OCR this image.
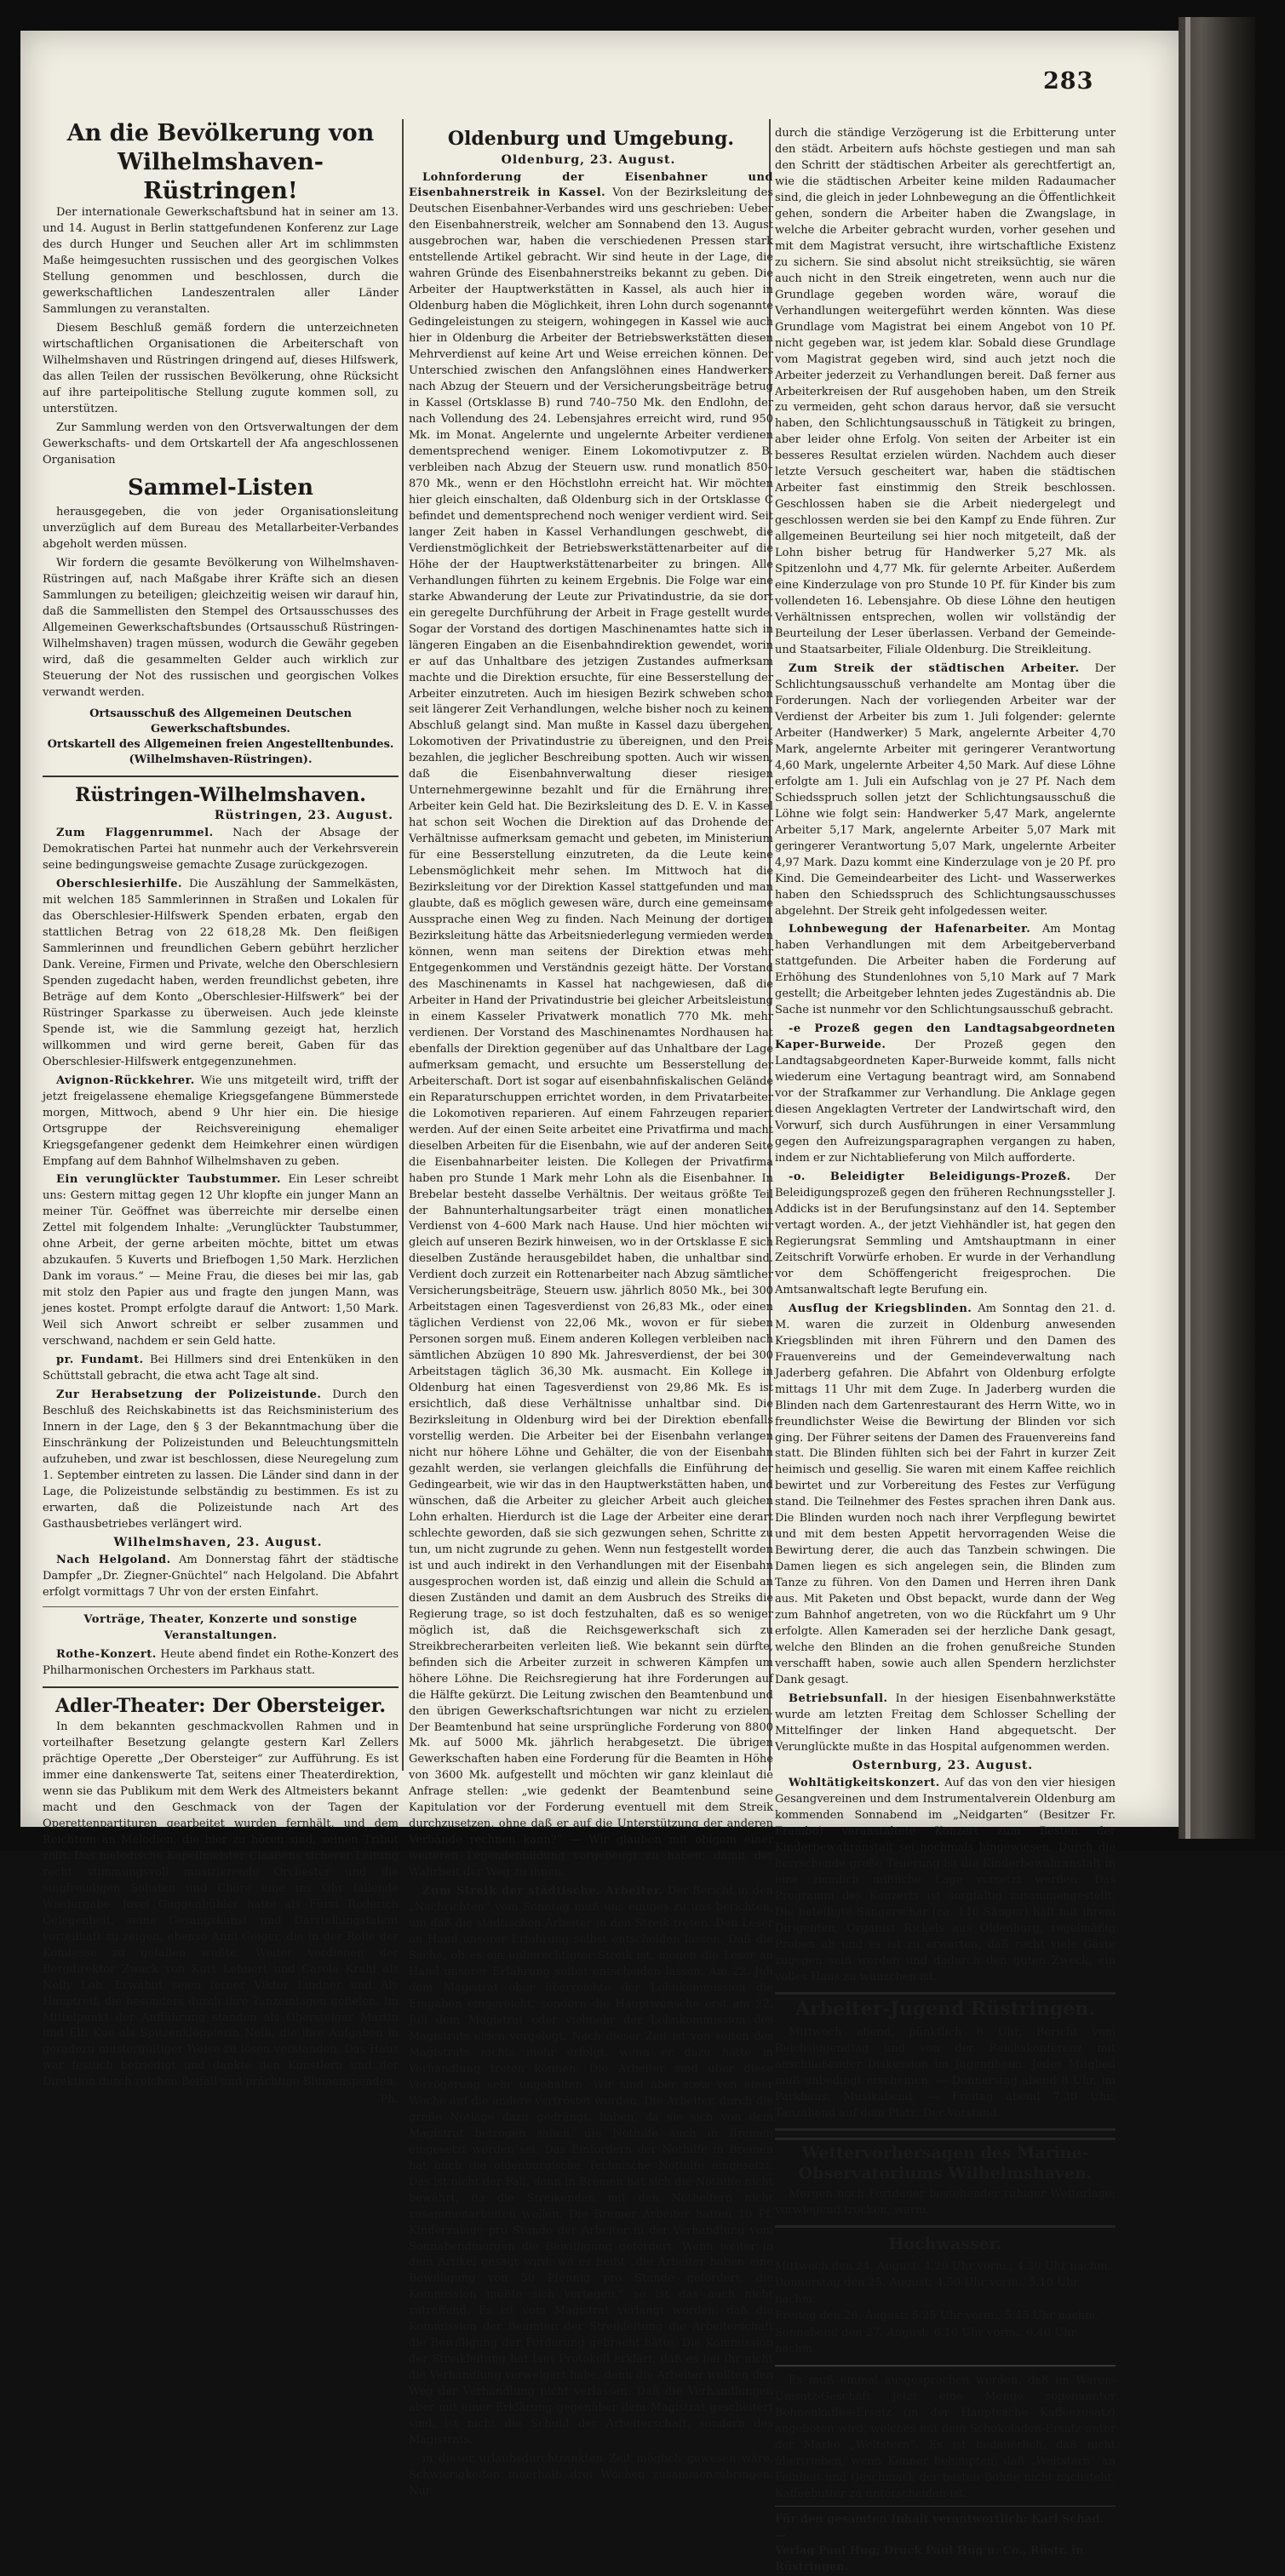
283
An die Bevölkerung von
Wilhelmshaven-Rüstringen!

Der internationale Gewerkschaftsbund hat in seiner am 13. und 14. August in Berlin stattgefundenen Konferenz zur Lage des durch Hunger und Seuchen aller Art im schlimmsten Maße heimgesuchten russischen und des georgischen Volkes Stellung genommen und beschlossen, durch die gewerkschaftlichen Landeszentralen aller Länder Sammlungen zu veranstalten.

Diesem Beschluß gemäß fordern die unterzeichneten wirtschaftlichen Organisationen die Arbeiterschaft von Wilhelmshaven und Rüstringen dringend auf, dieses Hilfswerk, das allen Teilen der russischen Bevölkerung, ohne Rücksicht auf ihre parteipolitische Stellung zugute kommen soll, zu unterstützen.

Zur Sammlung werden von den Ortsverwaltungen der dem Gewerkschafts- und dem Ortskartell der Afa angeschlossenen Organisation

Sammel-Listen

herausgegeben, die von jeder Organisationsleitung unverzüglich auf dem Bureau des Metallarbeiter-Verbandes abgeholt werden müssen.

Wir fordern die gesamte Bevölkerung von Wilhelmshaven-Rüstringen auf, nach Maßgabe ihrer Kräfte sich an diesen Sammlungen zu beteiligen; gleichzeitig weisen wir darauf hin, daß die Sammellisten den Stempel des Ortsausschusses des Allgemeinen Gewerkschaftsbundes (Ortsausschuß Rüstringen-Wilhelmshaven) tragen müssen, wodurch die Gewähr gegeben wird, daß die gesammelten Gelder auch wirklich zur Steuerung der Not des russischen und georgischen Volkes verwandt werden.

Ortsausschuß des Allgemeinen Deutschen Gewerkschaftsbundes.
Ortskartell des Allgemeinen freien Angestelltenbundes.
(Wilhelmshaven-Rüstringen).
Rüstringen-Wilhelmshaven.
Rüstringen, 23. August.

Zum Flaggenrummel. Nach der Absage der Demokratischen Partei hat nunmehr auch der Verkehrsverein seine bedingungsweise gemachte Zusage zurückgezogen.

Oberschlesierhilfe. Die Auszählung der Sammelkästen, mit welchen 185 Sammlerinnen in Straßen und Lokalen für das Oberschlesier-Hilfswerk Spenden erbaten, ergab den stattlichen Betrag von 22 618,28 Mk. Den fleißigen Sammlerinnen und freundlichen Gebern gebührt herzlicher Dank. Vereine, Firmen und Private, welche den Oberschlesiern Spenden zugedacht haben, werden freundlichst gebeten, ihre Beträge auf dem Konto „Oberschlesier-Hilfswerk“ bei der Rüstringer Sparkasse zu überweisen. Auch jede kleinste Spende ist, wie die Sammlung gezeigt hat, herzlich willkommen und wird gerne bereit, Gaben für das Oberschlesier-Hilfswerk entgegenzunehmen.

Avignon-Rückkehrer. Wie uns mitgeteilt wird, trifft der jetzt freigelassene ehemalige Kriegsgefangene Bümmerstede morgen, Mittwoch, abend 9 Uhr hier ein. Die hiesige Ortsgruppe der Reichsvereinigung ehemaliger Kriegsgefangener gedenkt dem Heimkehrer einen würdigen Empfang auf dem Bahnhof Wilhelmshaven zu geben.

Ein verunglückter Taubstummer. Ein Leser schreibt uns: Gestern mittag gegen 12 Uhr klopfte ein junger Mann an meiner Tür. Geöffnet was überreichte mir derselbe einen Zettel mit folgendem Inhalte: „Verunglückter Taubstummer, ohne Arbeit, der gerne arbeiten möchte, bittet um etwas abzukaufen. 5 Kuverts und Briefbogen 1,50 Mark. Herzlichen Dank im voraus.“ — Meine Frau, die dieses bei mir las, gab mit stolz den Papier aus und fragte den jungen Mann, was jenes kostet. Prompt erfolgte darauf die Antwort: 1,50 Mark. Weil sich Anwort schreibt er selber zusammen und verschwand, nachdem er sein Geld hatte.

pr. Fundamt. Bei Hillmers sind drei Entenküken in den Schüttstall gebracht, die etwa acht Tage alt sind.

Zur Herabsetzung der Polizeistunde. Durch den Beschluß des Reichskabinetts ist das Reichsministerium des Innern in der Lage, den § 3 der Bekanntmachung über die Einschränkung der Polizeistunden und Beleuchtungsmitteln aufzuheben, und zwar ist beschlossen, diese Neuregelung zum 1. September eintreten zu lassen. Die Länder sind dann in der Lage, die Polizeistunde selbständig zu bestimmen. Es ist zu erwarten, daß die Polizeistunde nach Art des Gasthausbetriebes verlängert wird.

Wilhelmshaven, 23. August.

Nach Helgoland. Am Donnerstag fährt der städtische Dampfer „Dr. Ziegner-Gnüchtel“ nach Helgoland. Die Abfahrt erfolgt vormittags 7 Uhr von der ersten Einfahrt.

Vorträge, Theater, Konzerte und sonstige Veranstaltungen.

Rothe-Konzert. Heute abend findet ein Rothe-Konzert des Philharmonischen Orchesters im Parkhaus statt.

Adler-Theater: Der Obersteiger.

In dem bekannten geschmackvollen Rahmen und in vorteilhafter Besetzung gelangte gestern Karl Zellers prächtige Operette „Der Obersteiger“ zur Aufführung. Es ist immer eine dankenswerte Tat, seitens einer Theaterdirektion, wenn sie das Publikum mit dem Werk des Altmeisters bekannt macht und den Geschmack von der Tagen der Operettenpartituren gearbeitet wurden fernhält, und dem Reichtum an Melodien, die hier zu hören sind, seinen Tribut zollt. Das melodische Kapellmeister Claaßens sicherer Leitung recht stimmungsvoll musizierende Orchester und die singfreudigen Solisten und Chöre eine ins Ohr fallende Wiedergabe. Josef Guggenbühler hatte als Fürst Roderich Gelegenheit, seine Gesangskunst und Darstellungstalent vorteilhaft zu zeigen, ebenso Anni Geiger, die in der Rolle der Komtesse zu gefallen wußte. Weiter verdienen der Bergdirektor Zwack von Kurt Lehnert und Carola Krahl als Nelly Lob. Erwähnt seien ferner Viktor Lindner und Aly Hauptreif, die besonders durch ihre Tanzeinlagen gefielen. Im Mittelpunkt der Aufführung standen als Obersteiger Martin und Elfi Kue als Spitzenklöpplerin Nelli, die ihre Aufgaben in geradezu mustergültiger Weise zu lösen verstanden. Das Haus war festlich befriedigt und dankte den Künstlern und der Direktion durch reichen Beifall und prächtige Blumenspenden.

Ph.
Oldenburg und Umgebung.
Oldenburg, 23. August.

Lohnforderung der Eisenbahner und Eisenbahnerstreik in Kassel. Von der Bezirksleitung des Deutschen Eisenbahner-Verbandes wird uns geschrieben: Ueber den Eisenbahnerstreik, welcher am Sonnabend den 13. August ausgebrochen war, haben die verschiedenen Pressen stark entstellende Artikel gebracht. Wir sind heute in der Lage, die wahren Gründe des Eisenbahnerstreiks bekannt zu geben. Die Arbeiter der Hauptwerkstätten in Kassel, als auch hier in Oldenburg haben die Möglichkeit, ihren Lohn durch sogenannte Gedingeleistungen zu steigern, wohingegen in Kassel wie auch hier in Oldenburg die Arbeiter der Betriebswerkstätten diesen Mehrverdienst auf keine Art und Weise erreichen können. Der Unterschied zwischen den Anfangslöhnen eines Handwerkers nach Abzug der Steuern und der Versicherungsbeiträge betrug in Kassel (Ortsklasse B) rund 740–750 Mk. den Endlohn, der nach Vollendung des 24. Lebensjahres erreicht wird, rund 950 Mk. im Monat. Angelernte und ungelernte Arbeiter verdienen dementsprechend weniger. Einem Lokomotivputzer z. B. verbleiben nach Abzug der Steuern usw. rund monatlich 850–870 Mk., wenn er den Höchstlohn erreicht hat. Wir möchten hier gleich einschalten, daß Oldenburg sich in der Ortsklasse C befindet und dementsprechend noch weniger verdient wird. Seit langer Zeit haben in Kassel Verhandlungen geschwebt, die Verdienstmöglichkeit der Betriebswerkstättenarbeiter auf die Höhe der der Hauptwerkstättenarbeiter zu bringen. Alle Verhandlungen führten zu keinem Ergebnis. Die Folge war eine starke Abwanderung der Leute zur Privatindustrie, da sie dort ein geregelte Durchführung der Arbeit in Frage gestellt wurde. Sogar der Vorstand des dortigen Maschinenamtes hatte sich in längeren Eingaben an die Eisenbahndirektion gewendet, worin er auf das Unhaltbare des jetzigen Zustandes aufmerksam machte und die Direktion ersuchte, für eine Besserstellung der Arbeiter einzutreten. Auch im hiesigen Bezirk schweben schon seit längerer Zeit Verhandlungen, welche bisher noch zu keinem Abschluß gelangt sind. Man mußte in Kassel dazu übergehen, Lokomotiven der Privatindustrie zu übereignen, und den Preis bezahlen, die jeglicher Beschreibung spotten. Auch wir wissen, daß die Eisenbahnverwaltung dieser riesigen Unternehmergewinne bezahlt und für die Ernährung ihrer Arbeiter kein Geld hat. Die Bezirksleitung des D. E. V. in Kassel hat schon seit Wochen die Direktion auf das Drohende der Verhältnisse aufmerksam gemacht und gebeten, im Ministerium für eine Besserstellung einzutreten, da die Leute keine Lebensmöglichkeit mehr sehen. Im Mittwoch hat die Bezirksleitung vor der Direktion Kassel stattgefunden und man glaubte, daß es möglich gewesen wäre, durch eine gemeinsame Aussprache einen Weg zu finden. Nach Meinung der dortigen Bezirksleitung hätte das Arbeitsniederlegung vermieden werden können, wenn man seitens der Direktion etwas mehr Entgegenkommen und Verständnis gezeigt hätte. Der Vorstand des Maschinenamts in Kassel hat nachgewiesen, daß die Arbeiter in Hand der Privatindustrie bei gleicher Arbeitsleistung in einem Kasseler Privatwerk monatlich 770 Mk. mehr verdienen. Der Vorstand des Maschinenamtes Nordhausen hat ebenfalls der Direktion gegenüber auf das Unhaltbare der Lage aufmerksam gemacht, und ersuchte um Besserstellung der Arbeiterschaft. Dort ist sogar auf eisenbahnfiskalischen Gelände ein Reparaturschuppen errichtet worden, in dem Privatarbeiter die Lokomotiven reparieren. Auf einem Fahrzeugen repariert werden. Auf der einen Seite arbeitet eine Privatfirma und macht dieselben Arbeiten für die Eisenbahn, wie auf der anderen Seite die Eisenbahnarbeiter leisten. Die Kollegen der Privatfirma haben pro Stunde 1 Mark mehr Lohn als die Eisenbahner. In Brebelar besteht dasselbe Verhältnis. Der weitaus größte Teil der Bahnunterhaltungsarbeiter trägt einen monatlichen Verdienst von 4–600 Mark nach Hause. Und hier möchten wir gleich auf unseren Bezirk hinweisen, wo in der Ortsklasse E sich dieselben Zustände herausgebildet haben, die unhaltbar sind. Verdient doch zurzeit ein Rottenarbeiter nach Abzug sämtlicher Versicherungsbeiträge, Steuern usw. jährlich 8050 Mk., bei 300 Arbeitstagen einen Tagesverdienst von 26,83 Mk., oder einen täglichen Verdienst von 22,06 Mk., wovon er für sieben Personen sorgen muß. Einem anderen Kollegen verbleiben nach sämtlichen Abzügen 10 890 Mk. Jahresverdienst, der bei 300 Arbeitstagen täglich 36,30 Mk. ausmacht. Ein Kollege in Oldenburg hat einen Tagesverdienst von 29,86 Mk. Es ist ersichtlich, daß diese Verhältnisse unhaltbar sind. Die Bezirksleitung in Oldenburg wird bei der Direktion ebenfalls vorstellig werden. Die Arbeiter bei der Eisenbahn verlangen nicht nur höhere Löhne und Gehälter, die von der Eisenbahn gezahlt werden, sie verlangen gleichfalls die Einführung der Gedingearbeit, wie wir das in den Hauptwerkstätten haben, und wünschen, daß die Arbeiter zu gleicher Arbeit auch gleichen Lohn erhalten. Hierdurch ist die Lage der Arbeiter eine derart schlechte geworden, daß sie sich gezwungen sehen, Schritte zu tun, um nicht zugrunde zu gehen. Wenn nun festgestellt worden ist und auch indirekt in den Verhandlungen mit der Eisenbahn ausgesprochen worden ist, daß einzig und allein die Schuld an diesen Zuständen und damit an dem Ausbruch des Streiks die Regierung trage, so ist doch festzuhalten, daß es so weniger möglich ist, daß die Reichsgewerkschaft sich zu Streikbrecherarbeiten verleiten ließ. Wie bekannt sein dürfte, befinden sich die Arbeiter zurzeit in schweren Kämpfen um höhere Löhne. Die Reichsregierung hat ihre Forderungen auf die Hälfte gekürzt. Die Leitung zwischen den Beamtenbund und den übrigen Gewerkschaftsrichtungen war nicht zu erzielen. Der Beamtenbund hat seine ursprüngliche Forderung von 8800 Mk. auf 5000 Mk. jährlich herabgesetzt. Die übrigen Gewerkschaften haben eine Forderung für die Beamten in Höhe von 3600 Mk. aufgestellt und möchten wir ganz kleinlaut die Anfrage stellen: „wie gedenkt der Beamtenbund seine Kapitulation vor der Forderung eventuell mit dem Streik durchzusetzen, ohne daß er auf die Unterstützung der anderen Verbände rechnen kann?“ — Wir glauben mit obigem einer weiteren Legendenbildung vorgebeugt zu haben, damit der Wahrheit der Weg zu ihnen.

Zum Streik der städtische. Arbeiter. Der Bericht in den „Nachrichten“ vom Sonntag muß uns einiges zu uns berichten, um daß die städtischen Arbeiter in den Streik treten. Den Leser an Hand unserer Erfahrung selbst entscheiden lassen. Daß die Sache, ob es ein unberechtigter Streik ist, mögen die Leser an Hand unserer Erfahrung selbst entscheiden lassen. Am 22. Juli dem Magistrat ober überreichte der Lohnkommission die Eingaben eingereicht, sondern die Hauptwünsche erst am 22. Juli dem Magistrat oder vielmehr der Lohnkommission des Magistrats einen vorgelegt. Nach dieser Zeit ist von seiten des Magistrats nichts mehr erfolgt, wenn er dazu hätte in Verhandlung treten können. Die Arbeiter sind über diese Verzögerung sehr ungehalten. Wir sind aber stets von einer Woche auf die andere vertröstet worden. Die Arbeiter, durch die große Notlage dazu gedrängt, haben, da sie sich von dem Magistrat betrogen sahen, die Nothilfe auch in Bremen eingesetzt worden sei. Das Einfordern der Nothilfe in Bremen hat auch die oldenburgische Technische Nothilfe eingesetzt. Das ist nicht der Fall, denn in Bremen hat sich die Nothilfe nicht bewährt, da die Streikenden mit den Nothelfern nicht zusammenarbeiten wollen. Die Bremer Arbeiter hatten 10 Pf. Kinderzulage pro Stunde der Arbeiter in der Verhandlung vom Sonnabendmorgen die Bewilligung gefordert. Wenn weiter in dem Artikel gesagt wird, wo es heißt „die Arbeiter haben eine Bewilligung von 50 Pfennig pro Stunde gefordert, die Kommission müßte sich vertagen,“ so ist das auch nicht zutreffend. Es ist vom Magistrat verlangt worden, daß die Kommission der Beamten der Streikleitung die Arbeiterschaft die Bewilligung der Forderung gebracht hätte. Die Kommission der Streikleitung hat laut Protokoll erklärt, daß es bei ihr nicht die Verhandlung verweigert habe, denn die Arbeiter wollten den Weg der Verhandlung nicht verlassen. Daß die Verhandlungen aber mit einer Erklärung gegenüber dem Magistrat gescheitert sind, ist nicht die Schuld der Arbeiterschaft, sondern des Magistrats.

in dieser urlaubsdurchtränkten Zeit möglich gewesen wäre, Schwierigkeiten innerhalb drei Wochen zusammenzubringen. Nur

durch die ständige Verzögerung ist die Erbitterung unter den städt. Arbeitern aufs höchste gestiegen und man sah den Schritt der städtischen Arbeiter als gerechtfertigt an, wie die städtischen Arbeiter keine milden Radaumacher sind, die gleich in jeder Lohnbewegung an die Öffentlichkeit gehen, sondern die Arbeiter haben die Zwangslage, in welche die Arbeiter gebracht wurden, vorher gesehen und mit dem Magistrat versucht, ihre wirtschaftliche Existenz zu sichern. Sie sind absolut nicht streiksüchtig, sie wären auch nicht in den Streik eingetreten, wenn auch nur die Grundlage gegeben worden wäre, worauf die Verhandlungen weitergeführt werden könnten. Was diese Grundlage vom Magistrat bei einem Angebot von 10 Pf. nicht gegeben war, ist jedem klar. Sobald diese Grundlage vom Magistrat gegeben wird, sind auch jetzt noch die Arbeiter jederzeit zu Verhandlungen bereit. Daß ferner aus Arbeiterkreisen der Ruf ausgehoben haben, um den Streik zu vermeiden, geht schon daraus hervor, daß sie versucht haben, den Schlichtungsausschuß in Tätigkeit zu bringen, aber leider ohne Erfolg. Von seiten der Arbeiter ist ein besseres Resultat erzielen würden. Nachdem auch dieser letzte Versuch gescheitert war, haben die städtischen Arbeiter fast einstimmig den Streik beschlossen. Geschlossen haben sie die Arbeit niedergelegt und geschlossen werden sie bei den Kampf zu Ende führen. Zur allgemeinen Beurteilung sei hier noch mitgeteilt, daß der Lohn bisher betrug für Handwerker 5,27 Mk. als Spitzenlohn und 4,77 Mk. für gelernte Arbeiter. Außerdem eine Kinderzulage von pro Stunde 10 Pf. für Kinder bis zum vollendeten 16. Lebensjahre. Ob diese Löhne den heutigen Verhältnissen entsprechen, wollen wir vollständig der Beurteilung der Leser überlassen. Verband der Gemeinde- und Staatsarbeiter, Filiale Oldenburg. Die Streikleitung.

Zum Streik der städtischen Arbeiter. Der Schlichtungsausschuß verhandelte am Montag über die Forderungen. Nach der vorliegenden Arbeiter war der Verdienst der Arbeiter bis zum 1. Juli folgender: gelernte Arbeiter (Handwerker) 5 Mark, angelernte Arbeiter 4,70 Mark, angelernte Arbeiter mit geringerer Verantwortung 4,60 Mark, ungelernte Arbeiter 4,50 Mark. Auf diese Löhne erfolgte am 1. Juli ein Aufschlag von je 27 Pf. Nach dem Schiedsspruch sollen jetzt der Schlichtungsausschuß die Löhne wie folgt sein: Handwerker 5,47 Mark, angelernte Arbeiter 5,17 Mark, angelernte Arbeiter 5,07 Mark mit geringerer Verantwortung 5,07 Mark, ungelernte Arbeiter 4,97 Mark. Dazu kommt eine Kinderzulage von je 20 Pf. pro Kind. Die Gemeindearbeiter des Licht- und Wasserwerkes haben den Schiedsspruch des Schlichtungsausschusses abgelehnt. Der Streik geht infolgedessen weiter.

Lohnbewegung der Hafenarbeiter. Am Montag haben Verhandlungen mit dem Arbeitgeberverband stattgefunden. Die Arbeiter haben die Forderung auf Erhöhung des Stundenlohnes von 5,10 Mark auf 7 Mark gestellt; die Arbeitgeber lehnten jedes Zugeständnis ab. Die Sache ist nunmehr vor den Schlichtungsausschuß gebracht.

-e Prozeß gegen den Landtagsabgeordneten Kaper-Burweide.	Der Prozeß gegen den Landtagsabgeordneten Kaper-Burweide kommt, falls nicht wiederum eine Vertagung beantragt wird, am Sonnabend vor der Strafkammer zur Verhandlung. Die Anklage gegen diesen Angeklagten Vertreter der Landwirtschaft wird, den Vorwurf, sich durch Ausführungen in einer Versammlung gegen den Aufreizungsparagraphen vergangen zu haben, indem er zur Nichtablieferung von Milch aufforderte.

-o. Beleidigter Beleidigungs-Prozeß. Der Beleidigungsprozeß gegen den früheren Rechnungssteller J. Addicks ist in der Berufungsinstanz auf den 14. September vertagt worden. A., der jetzt Viehhändler ist, hat gegen den Regierungsrat Semmling und Amtshauptmann in einer Zeitschrift Vorwürfe erhoben. Er wurde in der Verhandlung vor dem Schöffengericht freigesprochen. Die Amtsanwaltschaft legte Berufung ein.

Ausflug der Kriegsblinden. Am Sonntag den 21. d. M. waren die zurzeit in Oldenburg anwesenden Kriegsblinden mit ihren Führern und den Damen des Frauenvereins und der Gemeindeverwaltung nach Jaderberg gefahren. Die Abfahrt von Oldenburg erfolgte mittags 11 Uhr mit dem Zuge. In Jaderberg wurden die Blinden nach dem Gartenrestaurant des Herrn Witte, wo in freundlichster Weise die Bewirtung der Blinden vor sich ging. Der Führer seitens der Damen des Frauenvereins fand statt. Die Blinden fühlten sich bei der Fahrt in kurzer Zeit heimisch und gesellig. Sie waren mit einem Kaffee reichlich bewirtet und zur Vorbereitung des Festes zur Verfügung stand. Die Teilnehmer des Festes sprachen ihren Dank aus. Die Blinden wurden noch nach ihrer Verpflegung bewirtet und mit dem besten Appetit hervorragenden Weise die Bewirtung derer, die auch das Tanzbein schwingen. Die Damen liegen es sich angelegen sein, die Blinden zum Tanze zu führen. Von den Damen und Herren ihren Dank aus. Mit Paketen und Obst bepackt, wurde dann der Weg zum Bahnhof angetreten, von wo die Rückfahrt um 9 Uhr erfolgte. Allen Kameraden sei der herzliche Dank gesagt, welche den Blinden an die frohen genußreiche Stunden verschafft haben, sowie auch allen Spendern herzlichster Dank gesagt.

Betriebsunfall. In der hiesigen Eisenbahnwerkstätte wurde am letzten Freitag dem Schlosser Schelling der Mittelfinger der linken Hand abgequetscht. Der Verunglückte mußte in das Hospital aufgenommen werden.

Osternburg, 23. August.

Wohltätigkeitskonzert. Auf das von den vier hiesigen Gesangvereinen und dem Instrumentalverein Oldenburg am kommenden Sonnabend im „Neidgarten“ (Besitzer Fr. Frambo) veranstaltete Konzert zum Besten der Kinderbewahranstalt sei nochmals hingewiesen. Durch die herrschende große Teuerung ist die Kinderbewahranstalt in eine ziemlich mißliche Lage versetzt worden. Das Programm des Konzerts ist sorgfältig zusammengestellt. Die beteiligte Sängerschar (ca. 140 Sänger) hält mit ihrem Dirigenten, Organist Rickels aus Oldenburg, regelmäßig Proben ab und es ist zu erwarten, daß recht viele Gäste zugegen sein werden und dadurch den guten Zweck, ein volles Haus zu wünschen ist.

Arbeiter-Jugend Rüstringen.

Mittwoch abend, pünktlich 8 Uhr, Bericht vom Reichsjugendtag und von der Reichskonferenz mit anschließender Diskussion im Jugendheim. Jedes Mitglied muß unbedingt erscheinen. — Donnerstag abend 8 Uhr, im Parkhaus: Musikabend. — Freitag abend 7.30 Uhr: Tanzabend auf dem Platz. Der Vorstand.

Wettervorhersagen des Marine-Observatoriums Wilhelmshaven.

Morgen noch Fortdauer bestehender ruhiger Wetterlage; vorwiegend trocken, warm.

Hochwasser.

Mittwoch den 24. August: 4.20 Uhr vorm., 4.30 Uhr nachm.

Donnerstag den 25. August: 4.50 Uhr vorm., 5.10 Uhr nachm.

Freitag den 26. August: 5.25 Uhr vorm., 5.45 Uhr nachm.

Sonnabend den 27. August: 6.10 Uhr vorm., 6.40 Uhr nachm.

Es muß einmal ausgesprochen werden, daß im Waren-Umsatz-Geschäft jetzt eine Menge sogenannter Bohnenkaffee-Ersatz (in der Hauptsache Kaffeezusatz) angeboten wird, welches mit dem Schokoladen-Ersatz unter der Marke „Weltstern“. Es ist bedauerlich, daß nicht übertrieben, wenn Kenner behaupten, daß „Weltstern“ an Feinheit und Geschmack der besten Bohne nicht nachsteht, Kaffeebutter zu unterscheiden ist.

Für den gesamten Inhalt verantwortlich: Karl Schad. —

Verlag Paul Hug; Druck Paul Hug u. Co., Rüstr. in Rüstringen.
